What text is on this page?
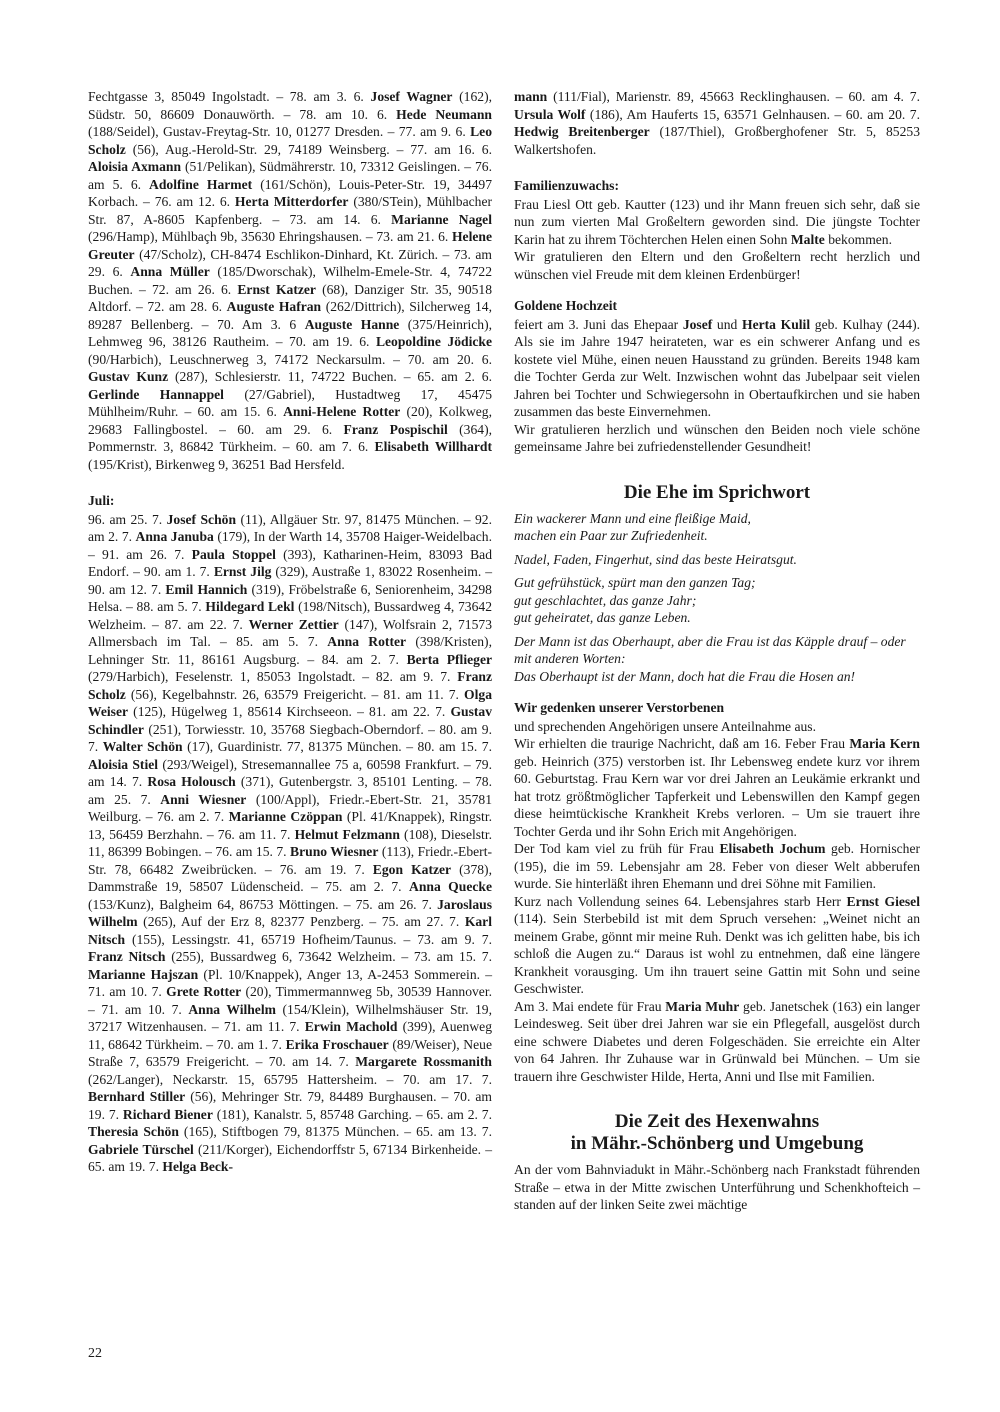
Fechtgasse 3, 85049 Ingolstadt. – 78. am 3. 6. Josef Wagner (162), Südstr. 50, 86609 Donauwörth. – 78. am 10. 6. Hede Neumann (188/Seidel), Gustav-Freytag-Str. 10, 01277 Dresden. – 77. am 9. 6. Leo Scholz (56), Aug.-Herold-Str. 29, 74189 Weinsberg. – 77. am 16. 6. Aloisia Axmann (51/Pelikan), Südmährerstr. 10, 73312 Geislingen. – 76. am 5. 6. Adolfine Harmet (161/Schön), Louis-Peter-Str. 19, 34497 Korbach. – 76. am 12. 6. Herta Mitterdorfer (380/STein), Mühlbacher Str. 87, A-8605 Kapfenberg. – 73. am 14. 6. Marianne Nagel (296/Hamp), Mühlbaçh 9b, 35630 Ehringshausen. – 73. am 21. 6. Helene Greuter (47/Scholz), CH-8474 Eschlikon-Dinhard, Kt. Zürich. – 73. am 29. 6. Anna Müller (185/Dworschak), Wilhelm-Emele-Str. 4, 74722 Buchen. – 72. am 26. 6. Ernst Katzer (68), Danziger Str. 35, 90518 Altdorf. – 72. am 28. 6. Auguste Hafran (262/Dittrich), Silcherweg 14, 89287 Bellenberg. – 70. Am 3. 6 Auguste Hanne (375/Heinrich), Lehmweg 96, 38126 Rautheim. – 70. am 19. 6. Leopoldine Jödicke (90/Harbich), Leuschnerweg 3, 74172 Neckarsulm. – 70. am 20. 6. Gustav Kunz (287), Schlesierstr. 11, 74722 Buchen. – 65. am 2. 6. Gerlinde Hannappel (27/Gabriel), Hustadtweg 17, 45475 Mühlheim/Ruhr. – 60. am 15. 6. Anni-Helene Rotter (20), Kolkweg, 29683 Fallingbostel. – 60. am 29. 6. Franz Pospischil (364), Pommernstr. 3, 86842 Türkheim. – 60. am 7. 6. Elisabeth Willhardt (195/Krist), Birkenweg 9, 36251 Bad Hersfeld.

Juli:

96. am 25. 7. Josef Schön (11), Allgäuer Str. 97, 81475 München. – 92. am 2. 7. Anna Januba (179), In der Warth 14, 35708 Haiger-Weidelbach. – 91. am 26. 7. Paula Stoppel (393), Katharinen-Heim, 83093 Bad Endorf. – 90. am 1. 7. Ernst Jilg (329), Austraße 1, 83022 Rosenheim. – 90. am 12. 7. Emil Hannich (319), Fröbelstraße 6, Seniorenheim, 34298 Helsa. – 88. am 5. 7. Hildegard Lekl (198/Nitsch), Bussardweg 4, 73642 Welzheim. – 87. am 22. 7. Werner Zettier (147), Wolfsrain 2, 71573 Allmersbach im Tal. – 85. am 5. 7. Anna Rotter (398/Kristen), Lehninger Str. 11, 86161 Augsburg. – 84. am 2. 7. Berta Pflieger (279/Harbich), Feselenstr. 1, 85053 Ingolstadt. – 82. am 9. 7. Franz Scholz (56), Kegelbahnstr. 26, 63579 Freigericht. – 81. am 11. 7. Olga Weiser (125), Hügelweg 1, 85614 Kirchseeon. – 81. am 22. 7. Gustav Schindler (251), Torwiesstr. 10, 35768 Siegbach-Oberndorf. – 80. am 9. 7. Walter Schön (17), Guardinistr. 77, 81375 München. – 80. am 15. 7. Aloisia Stiel (293/Weigel), Stresemannallee 75 a, 60598 Frankfurt. – 79. am 14. 7. Rosa Holousch (371), Gutenbergstr. 3, 85101 Lenting. – 78. am 25. 7. Anni Wiesner (100/Appl), Friedr.-Ebert-Str. 21, 35781 Weilburg. – 76. am 2. 7. Marianne Czöppan (Pl. 41/Knappek), Ringstr. 13, 56459 Berzhahn. – 76. am 11. 7. Helmut Felzmann (108), Dieselstr. 11, 86399 Bobingen. – 76. am 15. 7. Bruno Wiesner (113), Friedr.-Ebert-Str. 78, 66482 Zweibrücken. – 76. am 19. 7. Egon Katzer (378), Dammstraße 19, 58507 Lüdenscheid. – 75. am 2. 7. Anna Quecke (153/Kunz), Balgheim 64, 86753 Möttingen. – 75. am 26. 7. Jaroslaus Wilhelm (265), Auf der Erz 8, 82377 Penzberg. – 75. am 27. 7. Karl Nitsch (155), Lessingstr. 41, 65719 Hofheim/Taunus. – 73. am 9. 7. Franz Nitsch (255), Bussardweg 6, 73642 Welzheim. – 73. am 15. 7. Marianne Hajszan (Pl. 10/Knappek), Anger 13, A-2453 Sommerein. – 71. am 10. 7. Grete Rotter (20), Timmermannweg 5b, 30539 Hannover. – 71. am 10. 7. Anna Wilhelm (154/Klein), Wilhelmshäuser Str. 19, 37217 Witzenhausen. – 71. am 11. 7. Erwin Machold (399), Auenweg 11, 68642 Türkheim. – 70. am 1. 7. Erika Froschauer (89/Weiser), Neue Straße 7, 63579 Freigericht. – 70. am 14. 7. Margarete Rossmanith (262/Langer), Neckarstr. 15, 65795 Hattersheim. – 70. am 17. 7. Bernhard Stiller (56), Mehringer Str. 79, 84489 Burghausen. – 70. am 19. 7. Richard Biener (181), Kanalstr. 5, 85748 Garching. – 65. am 2. 7. Theresia Schön (165), Stiftbogen 79, 81375 München. – 65. am 13. 7. Gabriele Türschel (211/Korger), Eichendorffstr 5, 67134 Birkenheide. – 65. am 19. 7. Helga Beck-

mann (111/Fial), Marienstr. 89, 45663 Recklinghausen. – 60. am 4. 7. Ursula Wolf (186), Am Hauferts 15, 63571 Gelnhausen. – 60. am 20. 7. Hedwig Breitenberger (187/Thiel), Großberghofener Str. 5, 85253 Walkertshofen.

Familienzuwachs:

Frau Liesl Ott geb. Kautter (123) und ihr Mann freuen sich sehr, daß sie nun zum vierten Mal Großeltern geworden sind. Die jüngste Tochter Karin hat zu ihrem Töchterchen Helen einen Sohn Malte bekommen.

Wir gratulieren den Eltern und den Großeltern recht herzlich und wünschen viel Freude mit dem kleinen Erdenbürger!

Goldene Hochzeit

feiert am 3. Juni das Ehepaar Josef und Herta Kulil geb. Kulhay (244). Als sie im Jahre 1947 heirateten, war es ein schwerer Anfang und es kostete viel Mühe, einen neuen Hausstand zu gründen. Bereits 1948 kam die Tochter Gerda zur Welt. Inzwischen wohnt das Jubelpaar seit vielen Jahren bei Tochter und Schwiegersohn in Obertaufkirchen und sie haben zusammen das beste Einvernehmen.

Wir gratulieren herzlich und wünschen den Beiden noch viele schöne gemeinsame Jahre bei zufriedenstellender Gesundheit!

Die Ehe im Sprichwort

Ein wackerer Mann und eine fleißige Maid,

machen ein Paar zur Zufriedenheit.

Nadel, Faden, Fingerhut, sind das beste Heiratsgut.

Gut gefrühstück, spürt man den ganzen Tag;

gut geschlachtet, das ganze Jahr;

gut geheiratet, das ganze Leben.

Der Mann ist das Oberhaupt, aber die Frau ist das Käpple drauf – oder mit anderen Worten:

Das Oberhaupt ist der Mann, doch hat die Frau die Hosen an!

Wir gedenken unserer Verstorbenen

und sprechenden Angehörigen unsere Anteilnahme aus.

Wir erhielten die traurige Nachricht, daß am 16. Feber Frau Maria Kern geb. Heinrich (375) verstorben ist. Ihr Lebensweg endete kurz vor ihrem 60. Geburtstag. Frau Kern war vor drei Jahren an Leukämie erkrankt und hat trotz größtmöglicher Tapferkeit und Lebenswillen den Kampf gegen diese heimtückische Krankheit Krebs verloren. – Um sie trauert ihre Tochter Gerda und ihr Sohn Erich mit Angehörigen.

Der Tod kam viel zu früh für Frau Elisabeth Jochum geb. Hornischer (195), die im 59. Lebensjahr am 28. Feber von dieser Welt abberufen wurde. Sie hinterläßt ihren Ehemann und drei Söhne mit Familien.

Kurz nach Vollendung seines 64. Lebensjahres starb Herr Ernst Giesel (114). Sein Sterbebild ist mit dem Spruch versehen: „Weinet nicht an meinem Grabe, gönnt mir meine Ruh. Denkt was ich gelitten habe, bis ich schloß die Augen zu.“ Daraus ist wohl zu entnehmen, daß eine längere Krankheit vorausging. Um ihn trauert seine Gattin mit Sohn und seine Geschwister.

Am 3. Mai endete für Frau Maria Muhr geb. Janetschek (163) ein langer Leindesweg. Seit über drei Jahren war sie ein Pflegefall, ausgelöst durch eine schwere Diabetes und deren Folgeschäden. Sie erreichte ein Alter von 64 Jahren. Ihr Zuhause war in Grünwald bei München. – Um sie trauern ihre Geschwister Hilde, Herta, Anni und Ilse mit Familien.

Die Zeit des Hexenwahns
in Mähr.-Schönberg und Umgebung

An der vom Bahnviadukt in Mähr.-Schönberg nach Frankstadt führenden Straße – etwa in der Mitte zwischen Unterführung und Schenkhofteich – standen auf der linken Seite zwei mächtige

22
